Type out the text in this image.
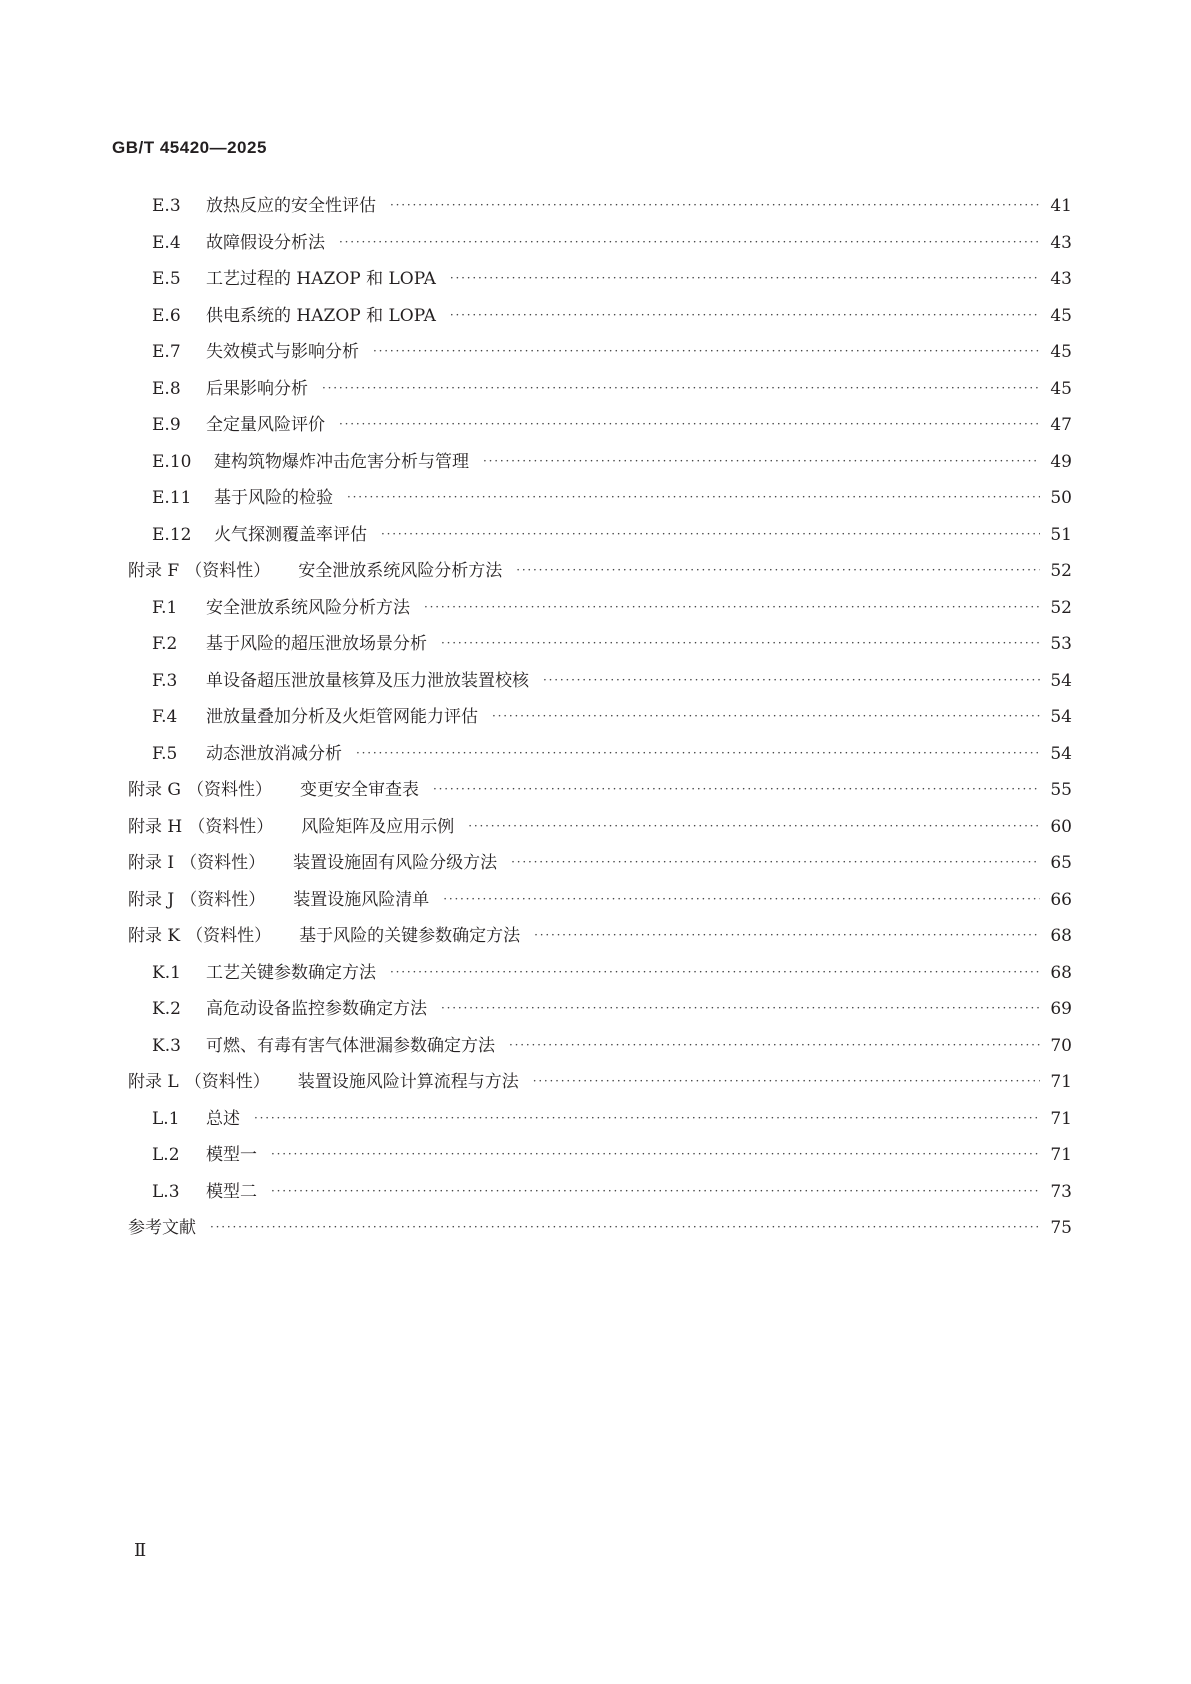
GB/T 45420—2025
E.3	放热反应的安全性评估 ·····	41
E.4	故障假设分析法 ·····	43
E.5	工艺过程的 HAZOP 和 LOPA ·····	43
E.6	供电系统的 HAZOP 和 LOPA ·····	45
E.7	失效模式与影响分析 ·····	45
E.8	后果影响分析 ·····	45
E.9	全定量风险评价 ·····	47
E.10	建构筑物爆炸冲击危害分析与管理 ·····	49
E.11	基于风险的检验 ·····	50
E.12	火气探测覆盖率评估 ·····	51
附录 F （资料性） 安全泄放系统风险分析方法 ·····	52
F.1	安全泄放系统风险分析方法 ·····	52
F.2	基于风险的超压泄放场景分析 ·····	53
F.3	单设备超压泄放量核算及压力泄放装置校核 ·····	54
F.4	泄放量叠加分析及火炬管网能力评估 ·····	54
F.5	动态泄放消减分析 ·····	54
附录 G （资料性） 变更安全审查表 ·····	55
附录 H （资料性） 风险矩阵及应用示例 ·····	60
附录 I （资料性） 装置设施固有风险分级方法 ·····	65
附录 J （资料性） 装置设施风险清单 ·····	66
附录 K （资料性） 基于风险的关键参数确定方法 ·····	68
K.1	工艺关键参数确定方法 ·····	68
K.2	高危动设备监控参数确定方法 ·····	69
K.3	可燃、有毒有害气体泄漏参数确定方法 ·····	70
附录 L （资料性） 装置设施风险计算流程与方法 ·····	71
L.1	总述 ·····	71
L.2	模型一 ·····	71
L.3	模型二 ·····	73
参考文献 ·····	75
Ⅱ
